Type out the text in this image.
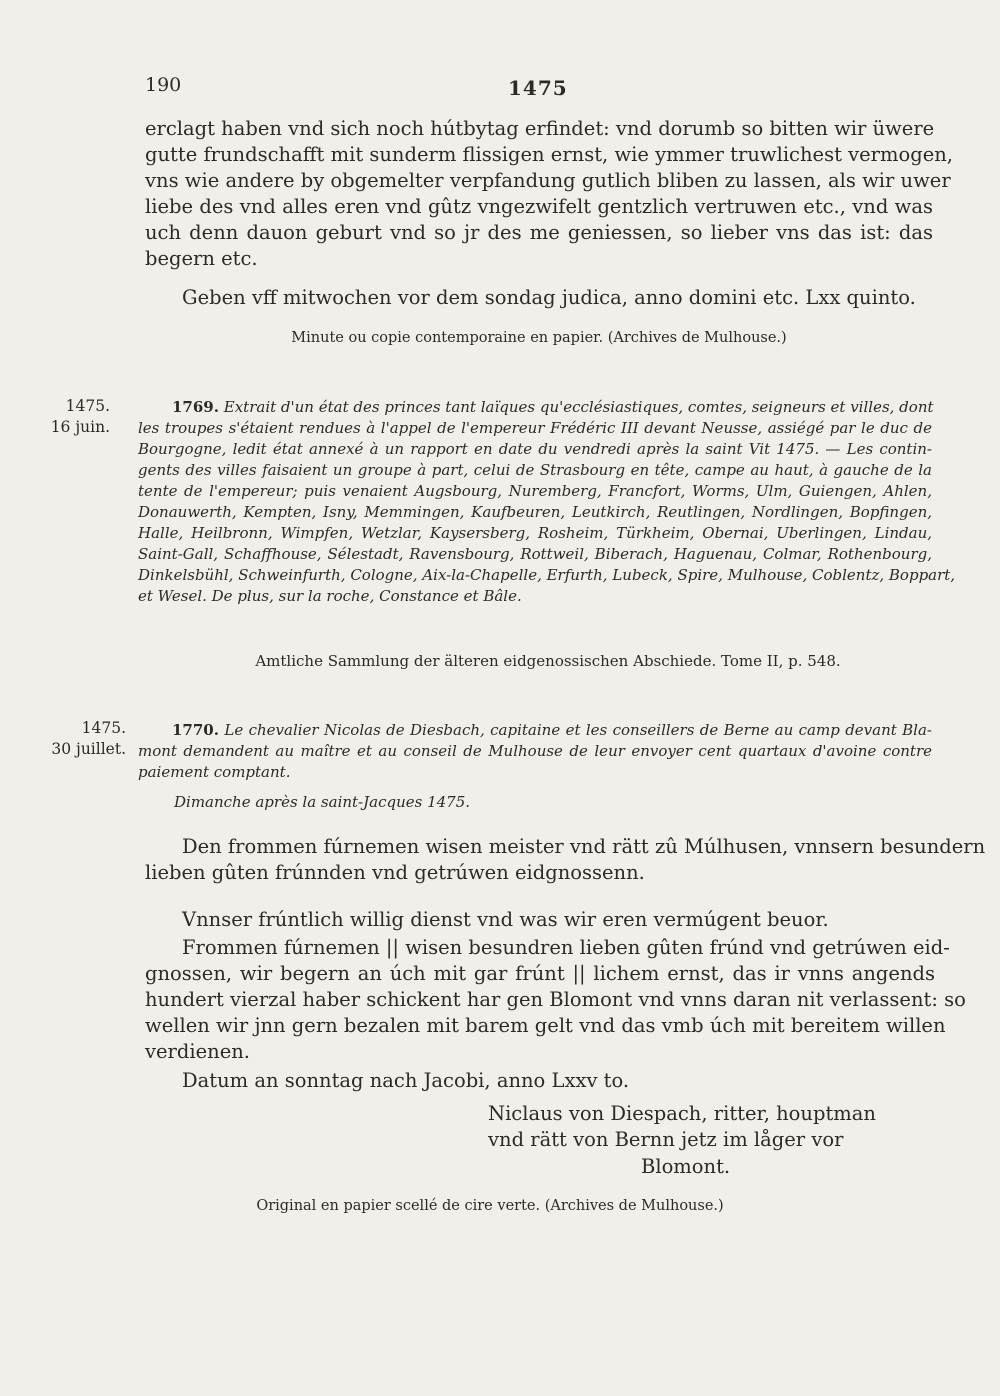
190	1475
erclagt haben vnd sich noch hútbytag erfindet: vnd dorumb so bitten wir üwere
gutte frundschafft mit sunderm flissigen ernst, wie ymmer truwlichest vermogen,
vns wie andere by obgemelter verpfandung gutlich bliben zu lassen, als wir uwer
liebe des vnd alles eren vnd gûtz vngezwifelt gentzlich vertruwen etc., vnd was
uch denn dauon geburt vnd so jr des me geniessen, so lieber vns das ist: das
begern etc.
Geben vff mitwochen vor dem sondag judica, anno domini etc. Lxx quinto.
Minute ou copie contemporaine en papier. (Archives de Mulhouse.)
1475.
16 juin.
1769. Extrait d'un état des princes tant laïques qu'ecclésiastiques, comtes, seigneurs et villes, dont
les troupes s'étaient rendues à l'appel de l'empereur Frédéric III devant Neusse, assiégé par le duc de
Bourgogne, ledit état annexé à un rapport en date du vendredi après la saint Vit 1475. — Les contin-
gents des villes faisaient un groupe à part, celui de Strasbourg en tête, campe au haut, à gauche de la
tente de l'empereur; puis venaient Augsbourg, Nuremberg, Francfort, Worms, Ulm, Guiengen, Ahlen,
Donauwerth, Kempten, Isny, Memmingen, Kaufbeuren, Leutkirch, Reutlingen, Nordlingen, Bopfingen,
Halle, Heilbronn, Wimpfen, Wetzlar, Kaysersberg, Rosheim, Türkheim, Obernai, Uberlingen, Lindau,
Saint-Gall, Schaffhouse, Sélestadt, Ravensbourg, Rottweil, Biberach, Haguenau, Colmar, Rothenbourg,
Dinkelsbühl, Schweinfurth, Cologne, Aix-la-Chapelle, Erfurth, Lubeck, Spire, Mulhouse, Coblentz, Boppart,
et Wesel. De plus, sur la roche, Constance et Bâle.
Amtliche Sammlung der älteren eidgenossischen Abschiede. Tome II, p. 548.
1475.
30 juillet.
1770. Le chevalier Nicolas de Diesbach, capitaine et les conseillers de Berne au camp devant Bla-
mont demandent au maître et au conseil de Mulhouse de leur envoyer cent quartaux d'avoine contre
paiement comptant.
Dimanche après la saint-Jacques 1475.
Den frommen fúrnemen wisen meister vnd rätt zû Múlhusen, vnnsern besundern
lieben gûten frúnnden vnd getrúwen eidgnossenn.
Vnnser frúntlich willig dienst vnd was wir eren vermúgent beuor.
Frommen fúrnemen || wisen besundren lieben gûten frúnd vnd getrúwen eid-
gnossen, wir begern an úch mit gar frúnt || lichem ernst, das ir vnns angends
hundert vierzal haber schickent har gen Blomont vnd vnns daran nit verlassent: so
wellen wir jnn gern bezalen mit barem gelt vnd das vmb úch mit bereitem willen
verdienen.
Datum an sonntag nach Jacobi, anno Lxxv to.
Niclaus von Diespach, ritter, houptman
vnd rätt von Bernn jetz im låger vor
Blomont.
Original en papier scellé de cire verte. (Archives de Mulhouse.)
